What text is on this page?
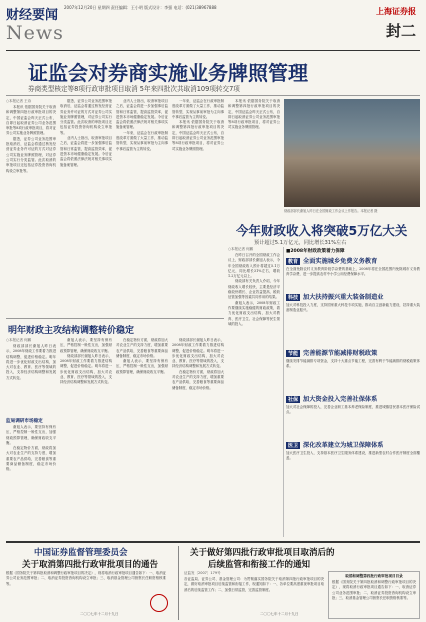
财经要闻
News
2007年12月20日 星期四 责任编辑：王小明 版式设计：李强 电话：(021)38967888	上海证券报
封二
证监会对券商实施业务牌照管理
券商类型核定等8项行政审批项目取消 5年来四批次共取消109项转交7项
○本报记者 王诗

本报讯 依据国务院关于取消和调整第四批行政审批项目的决定，中国证监会昨天正式公布，自即日起取消证券公司业务范围审批等8项行政审批项目，将对证券公司实施业务牌照管理。

据悉，证券公司业务范围审批取消后，证监会将通过核发经营证券业务许可证的方式对证券公司实施业务牌照管理，对证券公司实行分类监管。此次取消的审批项目还包括证券投资咨询机构设立审批等。

据悉，证券公司业务范围审批取消后，证监会将通过核发经营证券业务许可证的方式对证券公司实施业务牌照管理，对证券公司实行分类监管。此次取消的审批项目还包括证券投资咨询机构设立审批等。

业内人士指出，取消审批项目之后，证监会将进一步加强事后监管和日常监管，提高监管效率，促进资本市场健康稳定发展。今后证监会将依照法律法规对相关事项实施备案管理。

业内人士指出，取消审批项目之后，证监会将进一步加强事后监管和日常监管，提高监管效率，促进资本市场健康稳定发展。今后证监会将依照法律法规对相关事项实施备案管理。

一年来，证监会在行政审批制度改革方面做了大量工作，推动监管转型，实现从事前审批为主向事中事后监管为主的转变。

一年来，证监会在行政审批制度改革方面做了大量工作，推动监管转型，实现从事前审批为主向事中事后监管为主的转变。

本报讯 依据国务院关于取消和调整第四批行政审批项目的决定，中国证监会昨天正式公布，自即日起取消证券公司业务范围审批等8项行政审批项目，将对证券公司实施业务牌照管理。

本报讯 依据国务院关于取消和调整第四批行政审批项目的决定，中国证监会昨天正式公布，自即日起取消证券公司业务范围审批等8项行政审批项目，将对证券公司实施业务牌照管理。

财政部部长谢旭人昨日在全国财政工作会议上作报告。本报记者 摄
今年财政收入将突破5万亿大关
预计超过5.1万亿元，同比增长31%左右
○本报记者 何鹏

在昨日召开的全国财政工作会议上，财政部部长谢旭人表示，今年全国财政收入预计将超过5.1万亿元，同比增长31%左右，增收1.2万亿元以上。

财政部有关负责人介绍，今年财政收入增长较快，主要是经济平稳较快增长、企业效益提高、税收征管加强等因素共同作用的结果。

谢旭人表示，2008年财政工作要继续实施稳健的财政政策，着力优化财政支出结构，加大对教育、医疗卫生、社会保障等民生领域的投入。

■2008年财政政策着力保障
教育 全面实施城乡免费义务教育
在全面免除农村义务教育阶段学杂费的基础上，2008年将在全国范围内免除城市义务教育学杂费，进一步提高农村中小学公用经费保障水平。
科技 加大扶持振兴重大装备制造业
加大对科技投入力度，支持国家重大科技专项实施，推动自主创新能力建设，扶持重大装备制造业振兴。
节能 完善能源节能减排财税政策
继续安排节能减排专项资金，支持十大重点节能工程，完善有利于节能减排的财税政策体系。
社保 加大资金投入完善社保体系
加大对社会保障的投入，完善企业职工基本养老保险制度，推进城镇居民基本医疗保险试点。
医卫 深化改革建立为城卫保障体系
加大医疗卫生投入，支持基本医疗卫生服务体系建设，推进新型农村合作医疗制度全面覆盖。
明年财政主攻结构调整转价稳定
○本报记者 何鹏

财政部部长谢旭人昨日表示，2008年财政工作要着力推进结构调整，促进价格稳定。明年将进一步优化财政支出结构，加大对农业、教育、医疗等领域的投入，支持经济结构调整和发展方式转变。

监局调研市场稳定

谢旭人表示，要坚持有保有压，严格控制一般性支出，加强财政预算管理，确保财政收支平衡。

在稳定物价方面，财政将加大对农业生产的支持力度，增加重要农产品供给，完善粮食等重要商品储备制度，稳定市场价格。

谢旭人表示，要坚持有保有压，严格控制一般性支出，加强财政预算管理，确保财政收支平衡。

财政部部长谢旭人昨日表示，2008年财政工作要着力推进结构调整，促进价格稳定。明年将进一步优化财政支出结构，加大对农业、教育、医疗等领域的投入，支持经济结构调整和发展方式转变。

在稳定物价方面，财政将加大对农业生产的支持力度，增加重要农产品供给，完善粮食等重要商品储备制度，稳定市场价格。

谢旭人表示，要坚持有保有压，严格控制一般性支出，加强财政预算管理，确保财政收支平衡。

财政部部长谢旭人昨日表示，2008年财政工作要着力推进结构调整，促进价格稳定。明年将进一步优化财政支出结构，加大对农业、教育、医疗等领域的投入，支持经济结构调整和发展方式转变。

在稳定物价方面，财政将加大对农业生产的支持力度，增加重要农产品供给，完善粮食等重要商品储备制度，稳定市场价格。

中国证券监督管理委员会
关于取消第四批行政审批项目的通告
根据《国务院关于第四批取消和调整行政审批项目的决定》，现将取消行政审批项目通告如下：一、取消证券公司业务范围审批；二、取消证券投资咨询机构设立审批；三、取消基金管理公司督察长任职资格核准等。
二〇〇七年十二月十九日
关于做好第四批行政审批项目取消后的
后续监管和衔接工作的通知
证监发〔2007〕179号
各证监局、证券公司、基金管理公司：为贯彻落实国务院关于取消第四批行政审批项目的决定，做好取消审批项目后续监管和衔接工作，现通知如下：一、各单位要高度重视审批项目取消后的后续监管工作；二、加强日常监管，完善监管制度。
二〇〇七年十二月十九日
取消和调整第四批行政审批项目目录
根据《国务院关于第四批取消和调整行政审批项目的决定》，现将取消行政审批项目通告如下：一、取消证券公司业务范围审批；二、取消证券投资咨询机构设立审批；三、取消基金管理公司督察长任职资格核准等。
